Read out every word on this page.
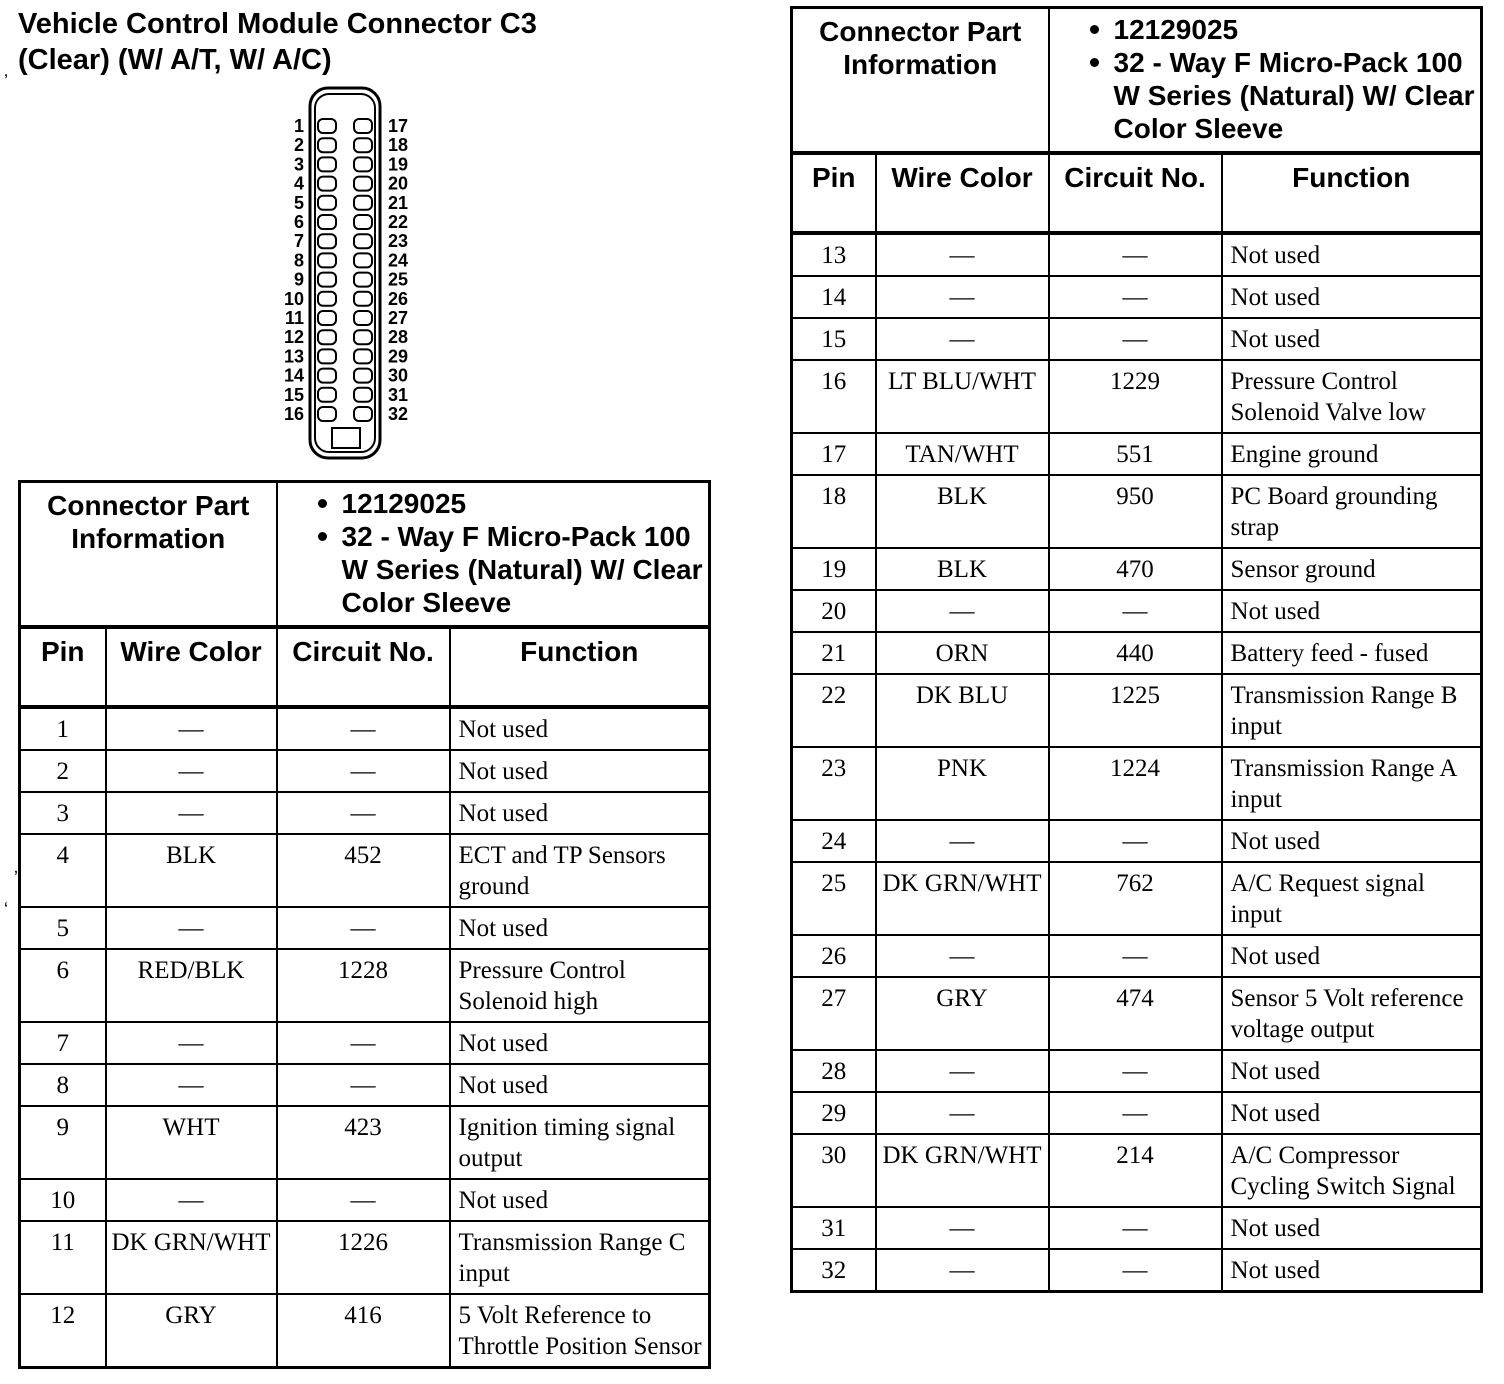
Vehicle Control Module Connector C3
(Clear) (W/ A/T, W/ A/C)
‚
ʼ
ʻ
1
2
3
4
5
6
7
8
9
10
11
12
13
14
15
16
17
18
19
20
21
22
23
24
25
26
27
28
29
30
31
32
Connector Part Information		12129025
32 - Way F Micro-Pack 100 W Series (Natural) W/ Clear Color Sleeve	

Pin	Wire Color	Circuit No.	Function
1	—	—	Not used
2	—	—	Not used
3	—	—	Not used
4	BLK	452	ECT and TP Sensors ground
5	—	—	Not used
6	RED/BLK	1228	Pressure Control Solenoid high
7	—	—	Not used
8	—	—	Not used
9	WHT	423	Ignition timing signal output
10	—	—	Not used
11	DK GRN/WHT	1226	Transmission Range C input
12	GRY	416	5 Volt Reference to Throttle Position Sensor
Connector Part Information		12129025
32 - Way F Micro-Pack 100 W Series (Natural) W/ Clear Color Sleeve	

Pin	Wire Color	Circuit No.	Function
13	—	—	Not used
14	—	—	Not used
15	—	—	Not used
16	LT BLU/WHT	1229	Pressure Control Solenoid Valve low
17	TAN/WHT	551	Engine ground
18	BLK	950	PC Board grounding strap
19	BLK	470	Sensor ground
20	—	—	Not used
21	ORN	440	Battery feed - fused
22	DK BLU	1225	Transmission Range B input
23	PNK	1224	Transmission Range A input
24	—	—	Not used
25	DK GRN/WHT	762	A/C Request signal input
26	—	—	Not used
27	GRY	474	Sensor 5 Volt reference voltage output
28	—	—	Not used
29	—	—	Not used
30	DK GRN/WHT	214	A/C Compressor Cycling Switch Signal
31	—	—	Not used
32	—	—	Not used
